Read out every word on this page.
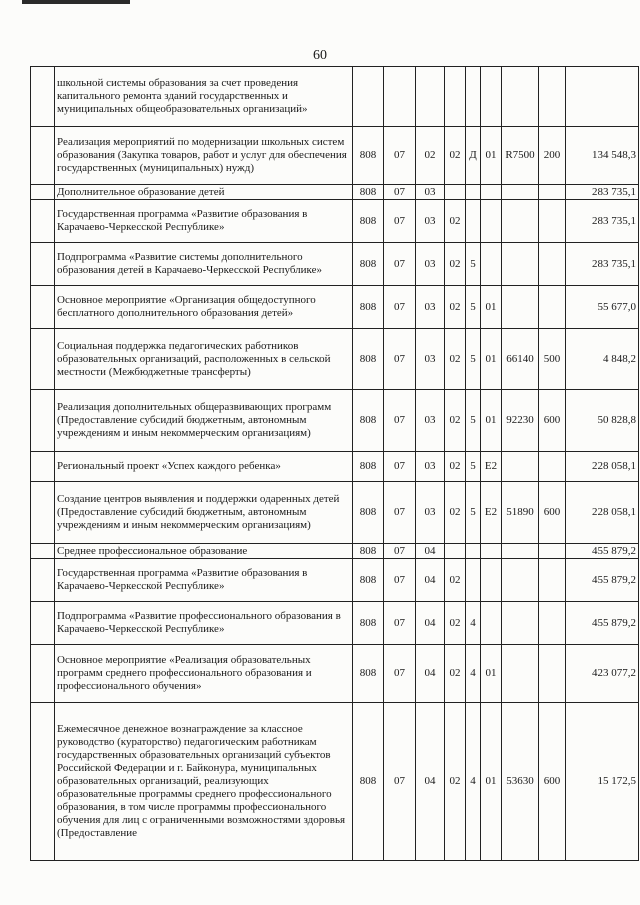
60
	школьной системы образования за счет проведения капитального ремонта зданий государственных и муниципальных общеобразовательных организаций»									
	Реализация мероприятий по модернизации школьных систем образования (Закупка товаров, работ и услуг для обеспечения государственных (муниципальных) нужд)	808	07	02	02	Д	01	R7500	200	134 548,3
	Дополнительное образование детей	808	07	03						283 735,1
	Государственная программа «Развитие образования в Карачаево-Черкесской Республике»	808	07	03	02					283 735,1
	Подпрограмма «Развитие системы дополнительного образования детей в Карачаево-Черкесской Республике»	808	07	03	02	5				283 735,1
	Основное мероприятие «Организация общедоступного бесплатного дополнительного образования детей»	808	07	03	02	5	01			55 677,0
	Социальная поддержка педагогических работников образовательных организаций, расположенных в сельской местности (Межбюджетные трансферты)	808	07	03	02	5	01	66140	500	4 848,2
	Реализация дополнительных общеразвивающих программ (Предоставление субсидий бюджетным, автономным учреждениям и иным некоммерческим организациям)	808	07	03	02	5	01	92230	600	50 828,8
	Региональный проект «Успех каждого ребенка»	808	07	03	02	5	E2			228 058,1
	Создание центров выявления и поддержки одаренных детей (Предоставление субсидий бюджетным, автономным учреждениям и иным некоммерческим организациям)	808	07	03	02	5	E2	51890	600	228 058,1
	Среднее профессиональное образование	808	07	04						455 879,2
	Государственная программа «Развитие образования в Карачаево-Черкесской Республике»	808	07	04	02					455 879,2
	Подпрограмма «Развитие профессионального образования в Карачаево-Черкесской Республике»	808	07	04	02	4				455 879,2
	Основное мероприятие «Реализация образовательных программ среднего профессионального образования и профессионального обучения»	808	07	04	02	4	01			423 077,2
	Ежемесячное денежное вознаграждение за классное руководство (кураторство) педагогическим работникам государственных образовательных организаций субъектов Российской Федерации и г. Байконура, муниципальных образовательных организаций, реализующих образовательные программы среднего профессионального образования, в том числе программы профессионального обучения для лиц с ограниченными возможностями здоровья (Предоставление	808	07	04	02	4	01	53630	600	15 172,5
